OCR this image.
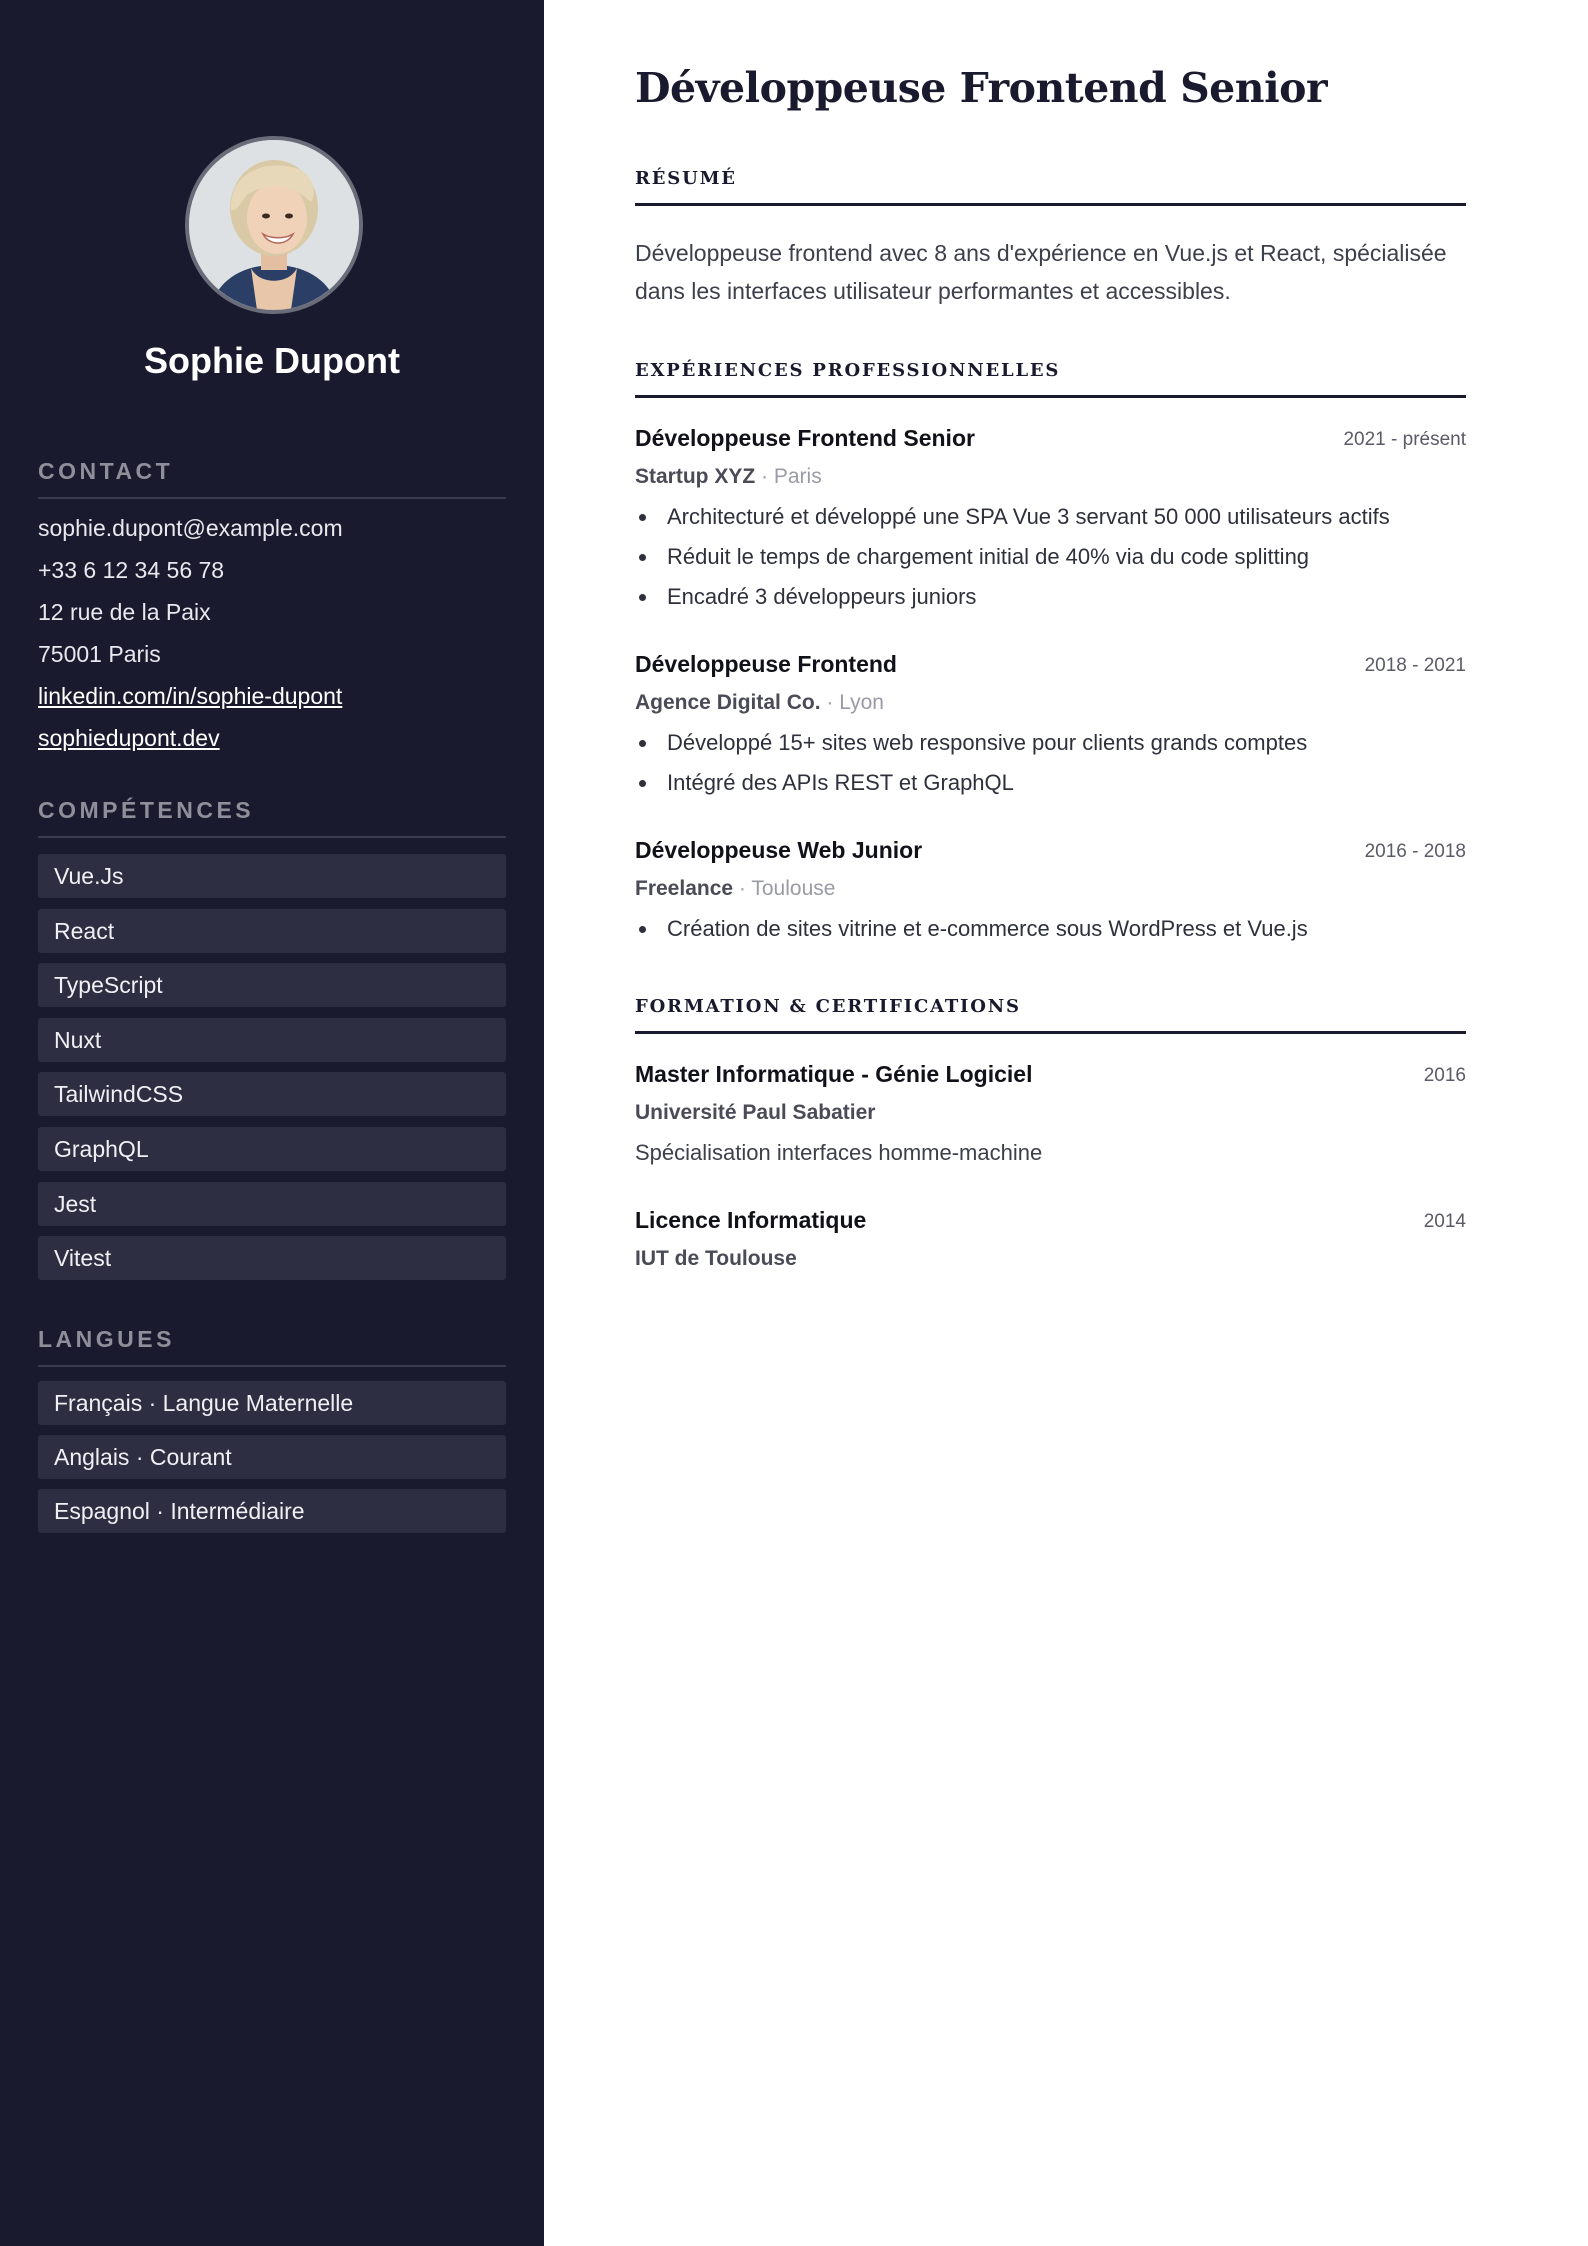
Sophie Dupont
CONTACT
sophie.dupont@example.com
+33 6 12 34 56 78
12 rue de la Paix
75001 Paris
linkedin.com/in/sophie-dupont
sophiedupont.dev
COMPÉTENCES
Vue.Js
React
TypeScript
Nuxt
TailwindCSS
GraphQL
Jest
Vitest
LANGUES
Français · Langue Maternelle
Anglais · Courant
Espagnol · Intermédiaire
Développeuse Frontend Senior
RÉSUMÉ

Développeuse frontend avec 8 ans d'expérience en Vue.js et React, spécialisée dans les interfaces utilisateur performantes et accessibles.

EXPÉRIENCES PROFESSIONNELLES
Développeuse Frontend Senior	2021 - présent
Startup XYZ · Paris
Architecturé et développé une SPA Vue 3 servant 50 000 utilisateurs actifs
Réduit le temps de chargement initial de 40% via du code splitting
Encadré 3 développeurs juniors
Développeuse Frontend	2018 - 2021
Agence Digital Co. · Lyon
Développé 15+ sites web responsive pour clients grands comptes
Intégré des APIs REST et GraphQL
Développeuse Web Junior	2016 - 2018
Freelance · Toulouse
Création de sites vitrine et e-commerce sous WordPress et Vue.js
FORMATION & CERTIFICATIONS
Master Informatique - Génie Logiciel	2016
Université Paul Sabatier
Spécialisation interfaces homme-machine
Licence Informatique	2014
IUT de Toulouse
